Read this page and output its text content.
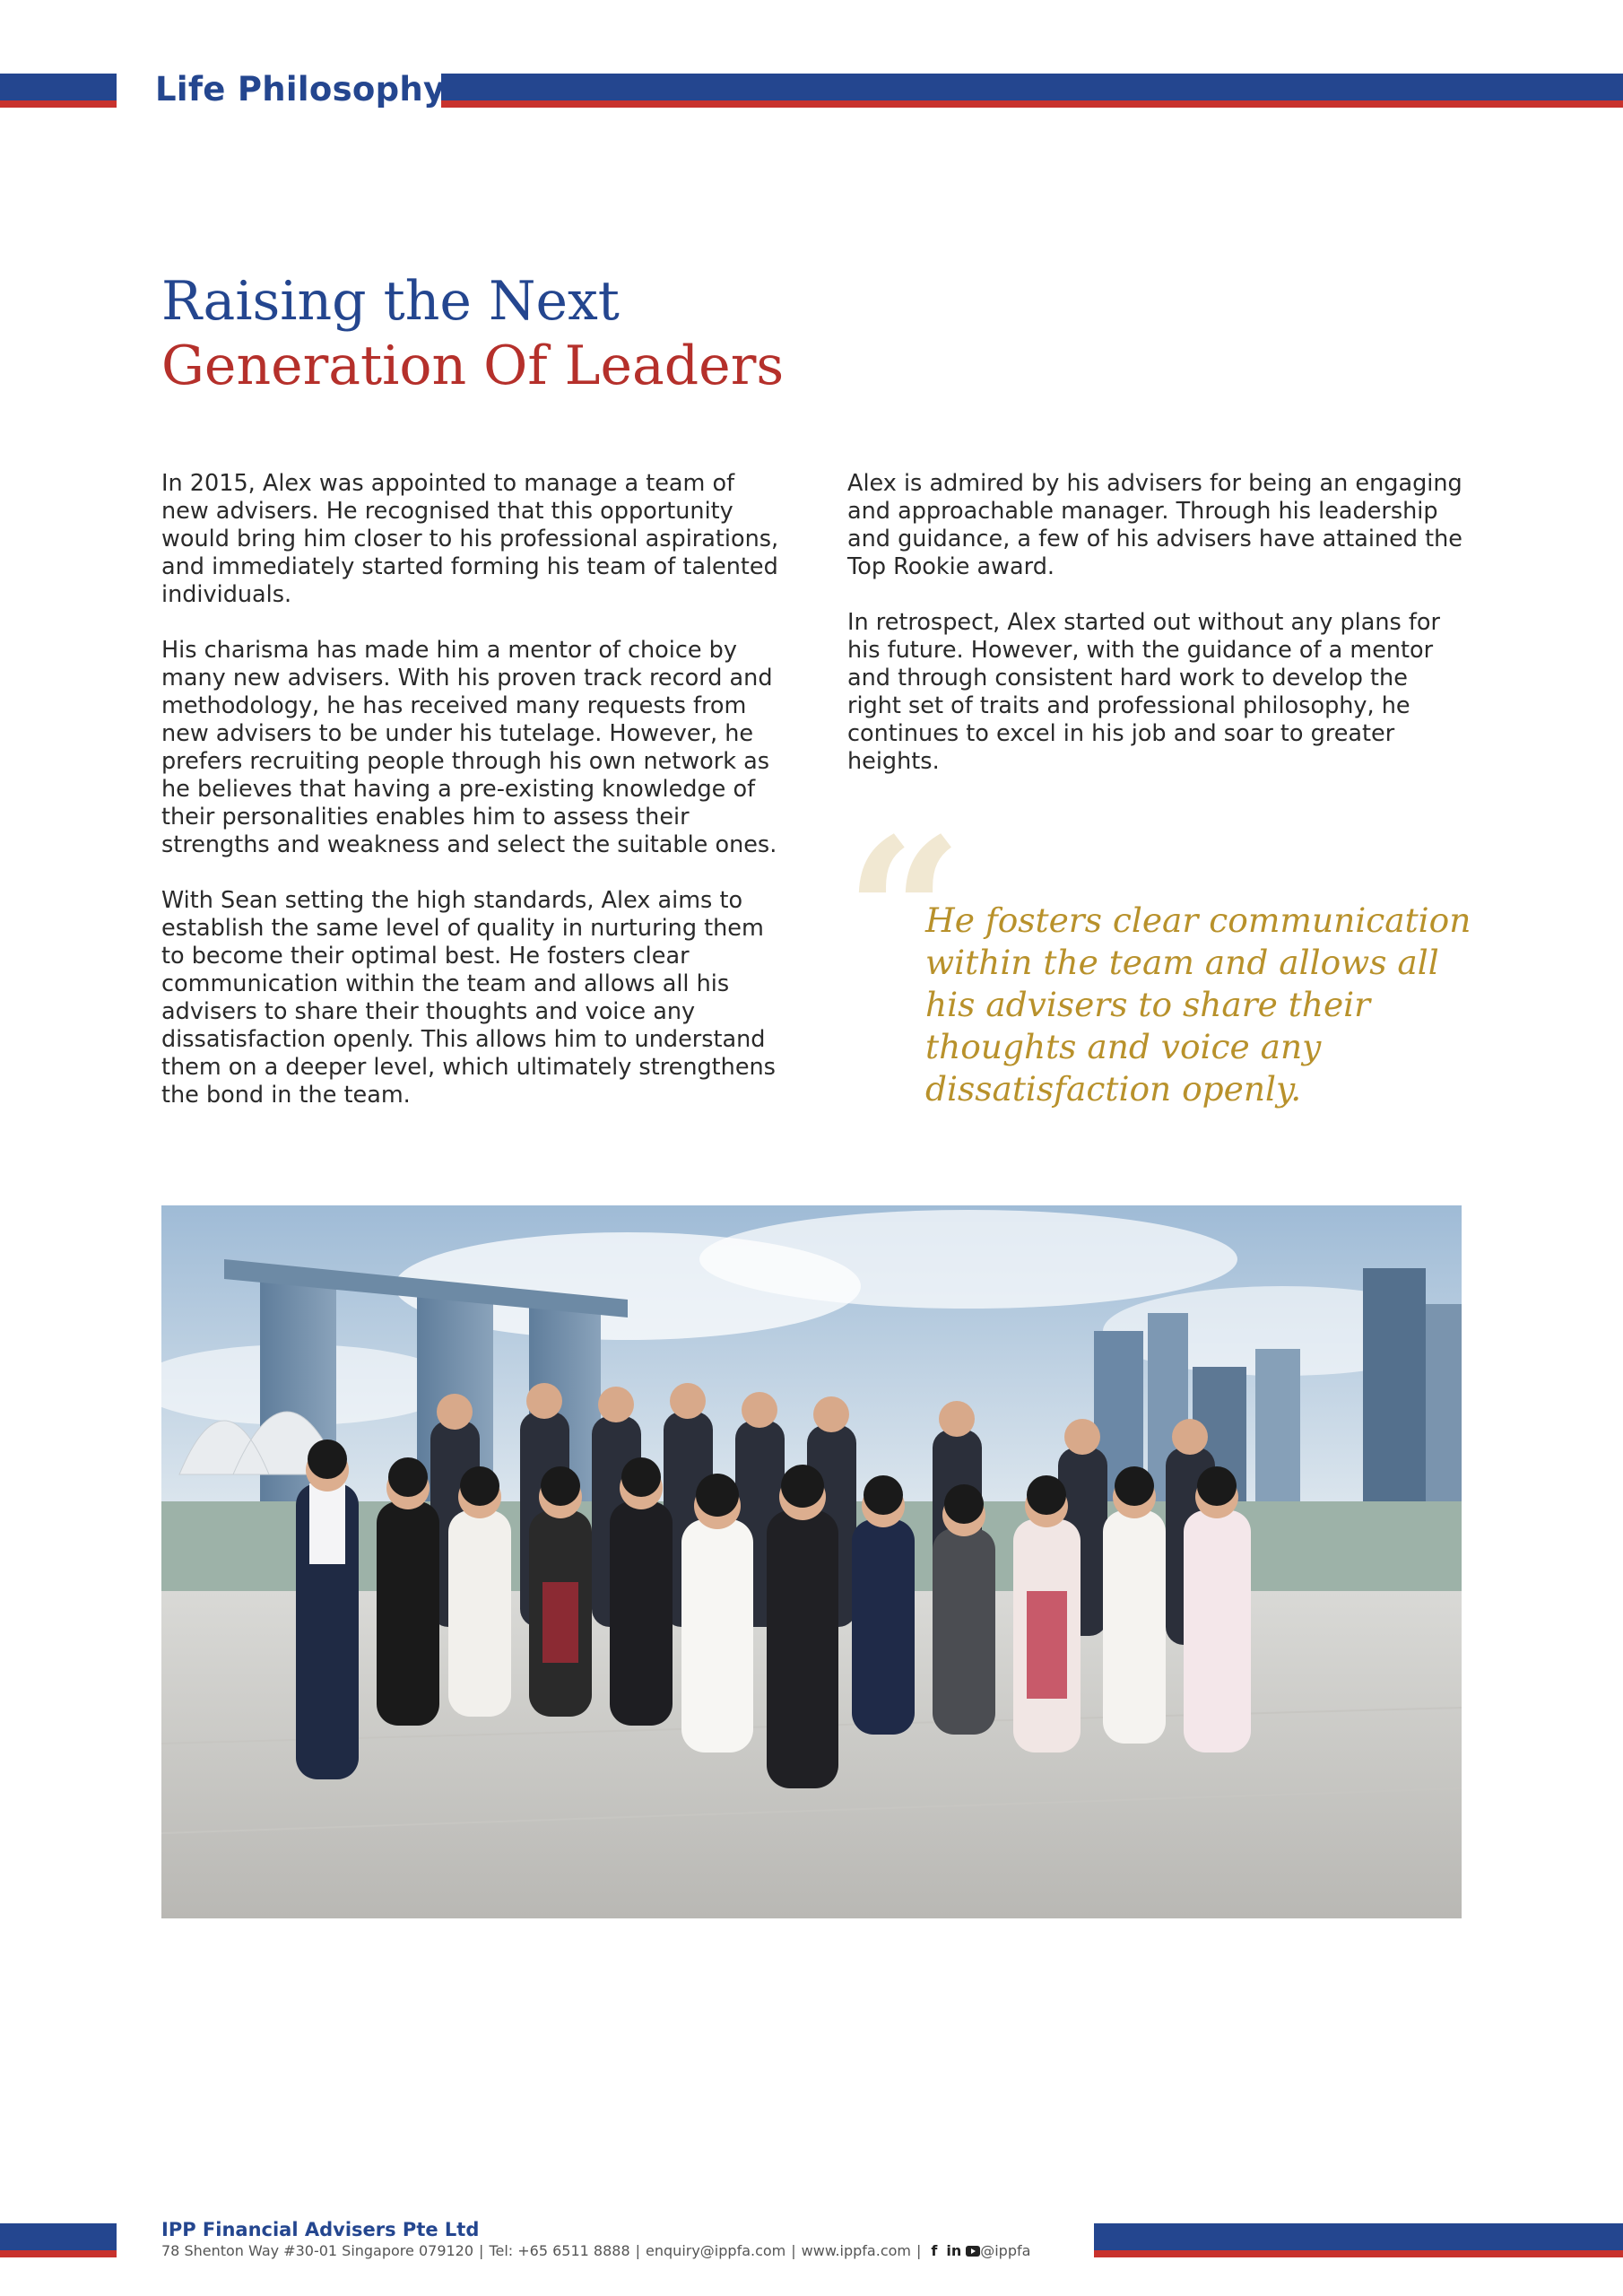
Life Philosophy
Raising the Next
Generation Of Leaders

In 2015, Alex was appointed to manage a team of new advisers. He recognised that this opportunity would bring him closer to his professional aspirations, and immediately started forming his team of talented individuals.

His charisma has made him a mentor of choice by many new advisers. With his proven track record and methodology, he has received many requests from new advisers to be under his tutelage. However, he prefers recruiting people through his own network as he believes that having a pre-existing knowledge of their personalities enables him to assess their strengths and weakness and select the suitable ones.

With Sean setting the high standards, Alex aims to establish the same level of quality in nurturing them to become their optimal best. He fosters clear communication within the team and allows all his advisers to share their thoughts and voice any dissatisfaction openly. This allows him to understand them on a deeper level, which ultimately strengthens the bond in the team.

Alex is admired by his advisers for being an engaging and approachable manager. Through his leadership and guidance, a few of his advisers have attained the Top Rookie award.

In retrospect, Alex started out without any plans for his future. However, with the guidance of a mentor and through consistent hard work to develop the right set of traits and professional philosophy, he continues to excel in his job and soar to greater heights.

“

He fosters clear communication within the team and allows all his advisers to share their thoughts and voice any dissatisfaction openly.

IPP Financial Advisers Pte Ltd

78 Shenton Way #30-01 Singapore 079120 | Tel: +65 6511 8888 | enquiry@ippfa.com | www.ippfa.com | f in @ippfa
